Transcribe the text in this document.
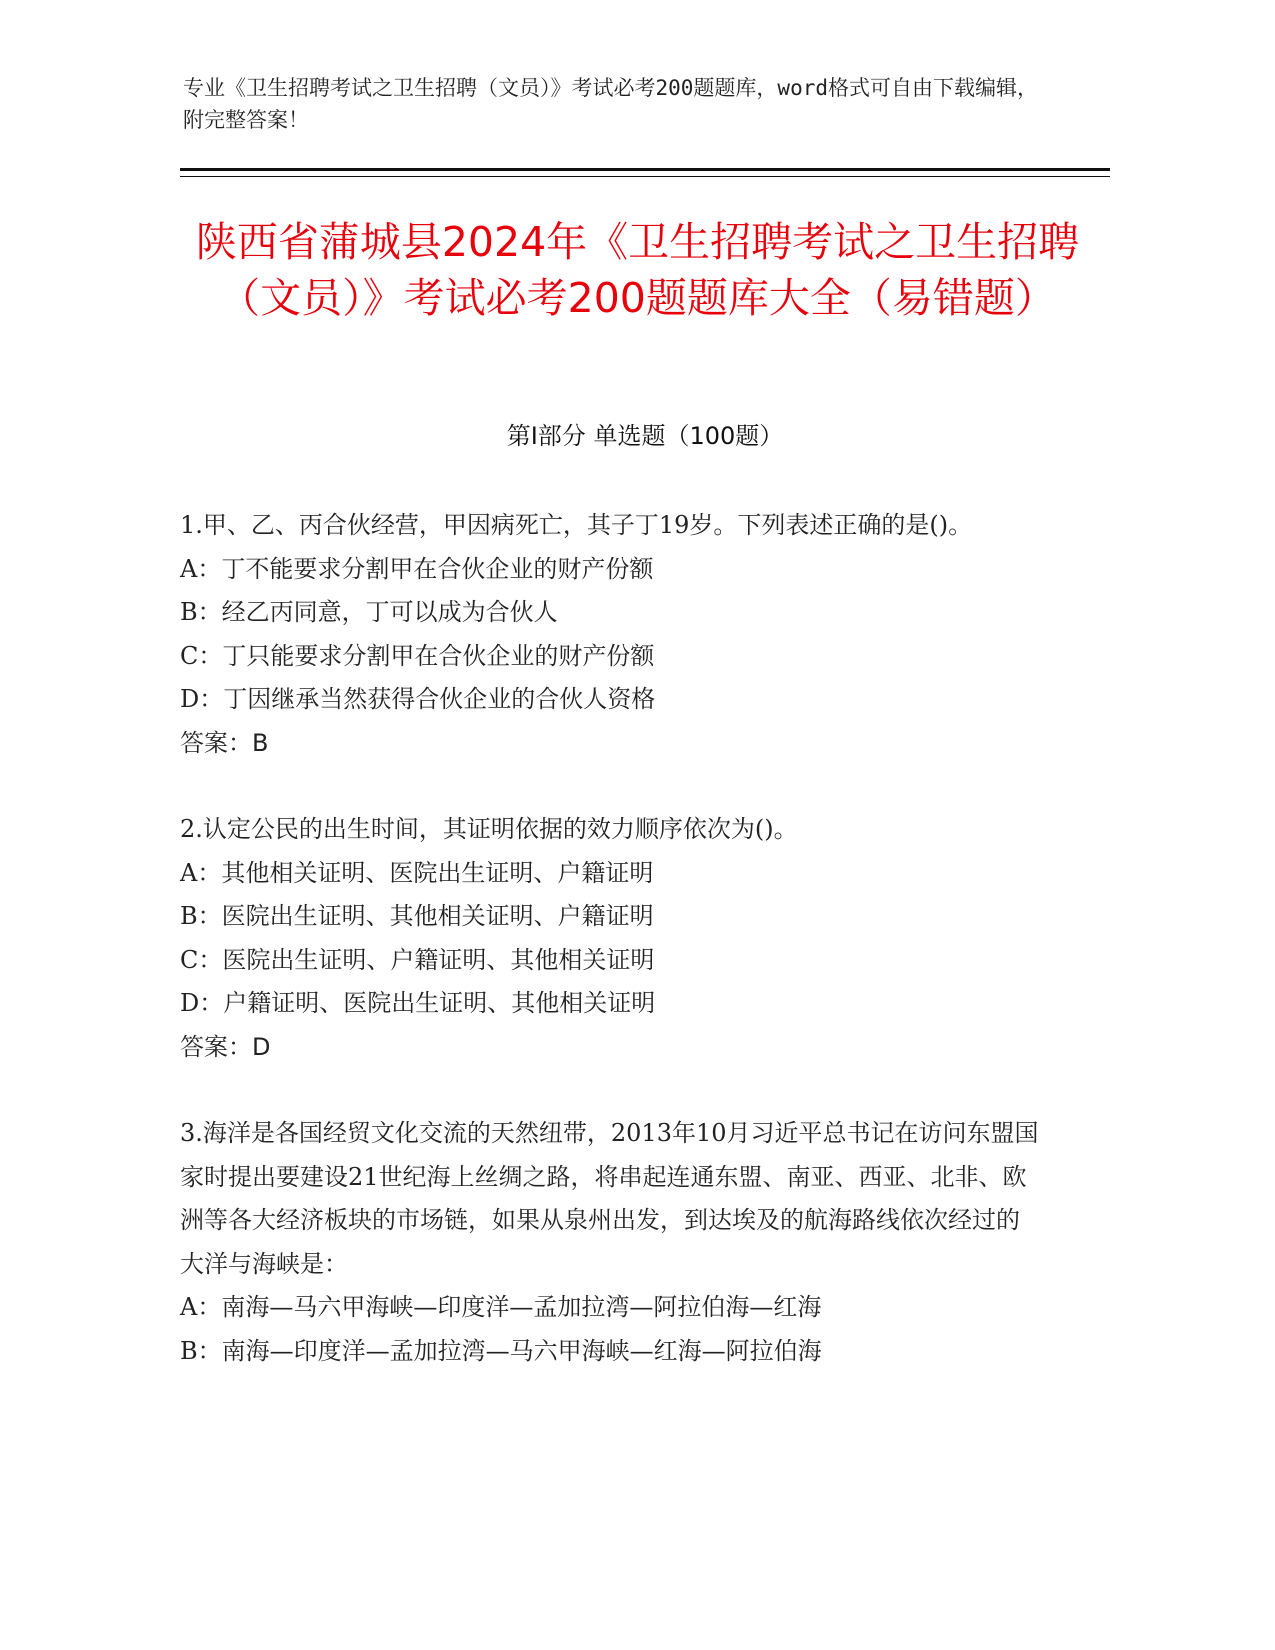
专业《卫生招聘考试之卫生招聘（文员）》考试必考200题题库，word格式可自由下载编辑，附完整答案！
陕西省蒲城县2024年《卫生招聘考试之卫生招聘（文员）》考试必考200题题库大全（易错题）
第I部分 单选题（100题）

1.甲、乙、丙合伙经营，甲因病死亡，其子丁19岁。下列表述正确的是()。

A：丁不能要求分割甲在合伙企业的财产份额

B：经乙丙同意，丁可以成为合伙人

C：丁只能要求分割甲在合伙企业的财产份额

D：丁因继承当然获得合伙企业的合伙人资格

答案：B

2.认定公民的出生时间，其证明依据的效力顺序依次为()。

A：其他相关证明、医院出生证明、户籍证明

B：医院出生证明、其他相关证明、户籍证明

C：医院出生证明、户籍证明、其他相关证明

D：户籍证明、医院出生证明、其他相关证明

答案：D

3.海洋是各国经贸文化交流的天然纽带，2013年10月习近平总书记在访问东盟国家时提出要建设21世纪海上丝绸之路，将串起连通东盟、南亚、西亚、北非、欧洲等各大经济板块的市场链，如果从泉州出发，到达埃及的航海路线依次经过的大洋与海峡是：

A：南海—马六甲海峡—印度洋—孟加拉湾—阿拉伯海—红海

B：南海—印度洋—孟加拉湾—马六甲海峡—红海—阿拉伯海
